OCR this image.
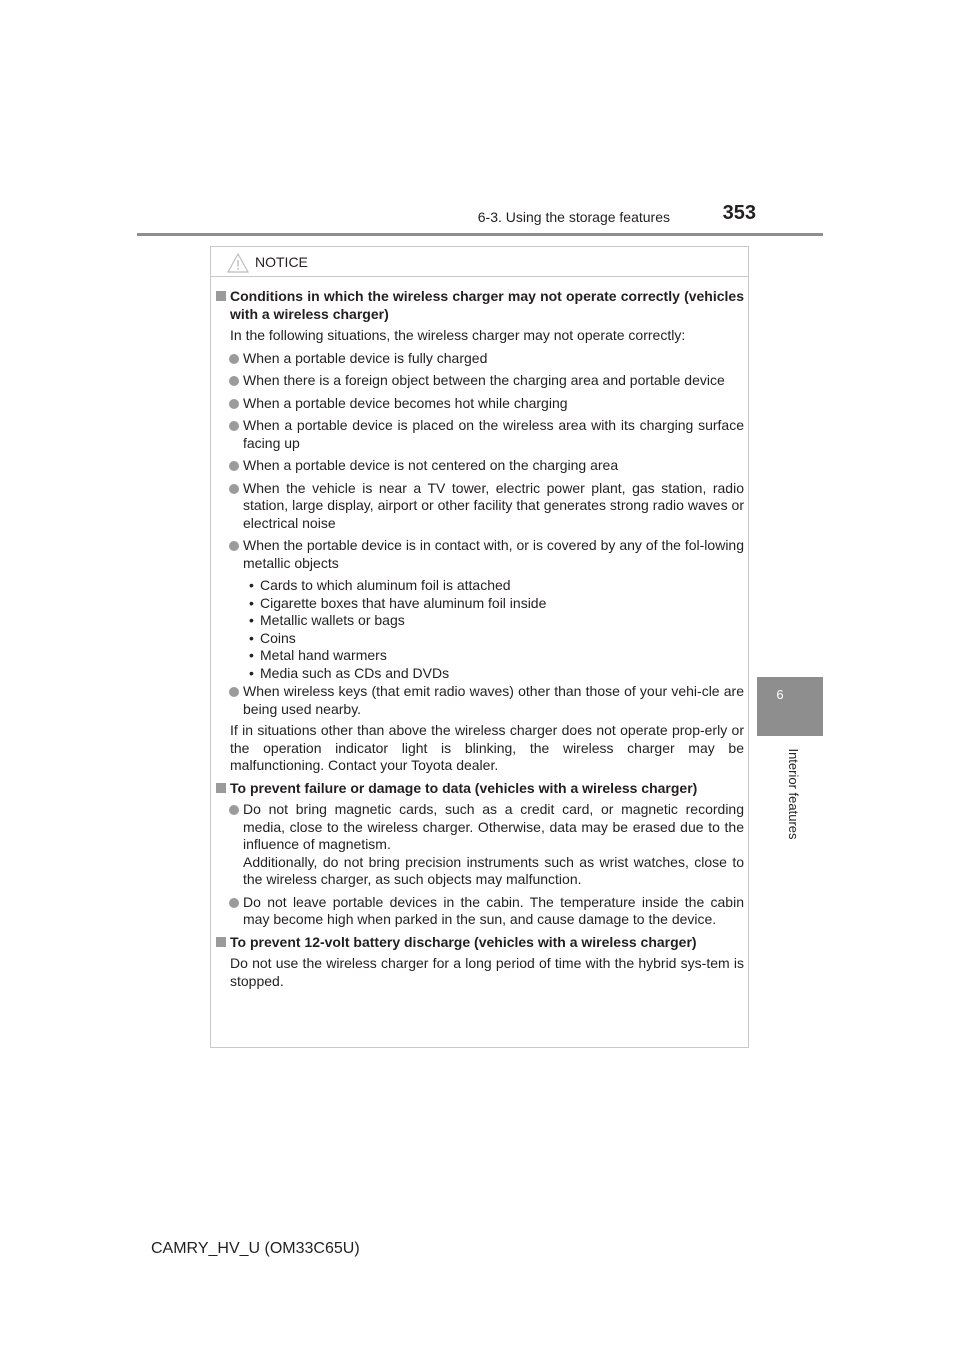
6-3. Using the storage features	353
6
Interior features
NOTICE
Conditions in which the wireless charger may not operate correctly (vehicles with a wireless charger)
In the following situations, the wireless charger may not operate correctly:
When a portable device is fully charged
When there is a foreign object between the charging area and portable device
When a portable device becomes hot while charging
When a portable device is placed on the wireless area with its charging surface facing up
When a portable device is not centered on the charging area
When the vehicle is near a TV tower, electric power plant, gas station, radio station, large display, airport or other facility that generates strong radio waves or electrical noise
When the portable device is in contact with, or is covered by any of the fol-lowing metallic objects
• Cards to which aluminum foil is attached
• Cigarette boxes that have aluminum foil inside
• Metallic wallets or bags
• Coins
• Metal hand warmers
• Media such as CDs and DVDs
When wireless keys (that emit radio waves) other than those of your vehi-cle are being used nearby.
If in situations other than above the wireless charger does not operate prop-erly or the operation indicator light is blinking, the wireless charger may be malfunctioning. Contact your Toyota dealer.
To prevent failure or damage to data (vehicles with a wireless charger)
Do not bring magnetic cards, such as a credit card, or magnetic recording media, close to the wireless charger. Otherwise, data may be erased due to the influence of magnetism.
Additionally, do not bring precision instruments such as wrist watches, close to the wireless charger, as such objects may malfunction.
Do not leave portable devices in the cabin. The temperature inside the cabin may become high when parked in the sun, and cause damage to the device.
To prevent 12-volt battery discharge (vehicles with a wireless charger)
Do not use the wireless charger for a long period of time with the hybrid sys-tem is stopped.
CAMRY_HV_U (OM33C65U)
